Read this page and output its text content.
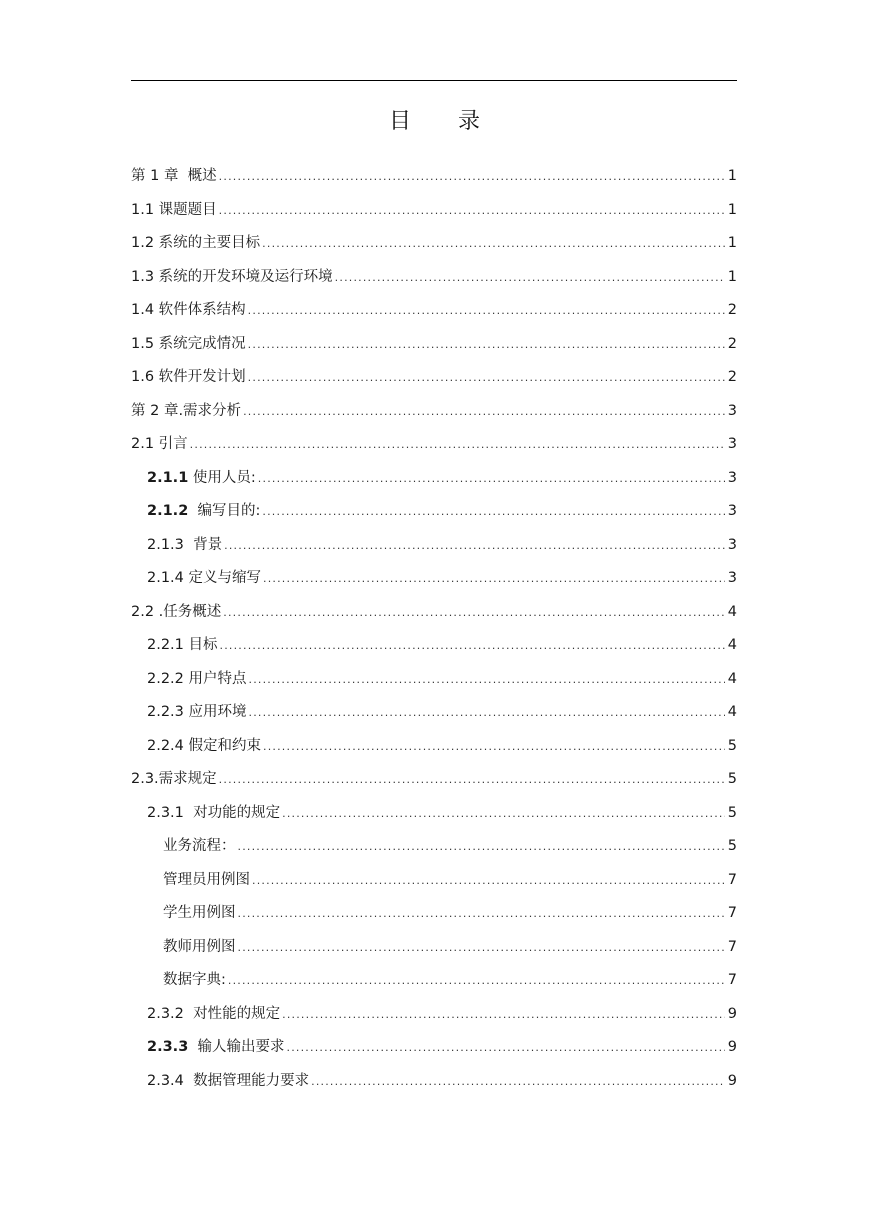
目 录
第 1 章  概述 .....	1
1.1 课题题目 .....	1
1.2 系统的主要目标 .....	1
1.3 系统的开发环境及运行环境 .....	1
1.4 软件体系结构 .....	2
1.5 系统完成情况 .....	2
1.6 软件开发计划 .....	2
第 2 章.需求分析 .....	3
2.1 引言 .....	3
2.1.1 使用人员: .....	3
2.1.2  编写目的: .....	3
2.1.3  背景 .....	3
2.1.4 定义与缩写 .....	3
2.2 .任务概述 .....	4
2.2.1 目标 .....	4
2.2.2 用户特点 .....	4
2.2.3 应用环境 .....	4
2.2.4 假定和约束 .....	5
2.3.需求规定 .....	5
2.3.1  对功能的规定 .....	5
业务流程： .....	5
管理员用例图 .....	7
学生用例图 .....	7
教师用例图 .....	7
数据字典: .....	7
2.3.2  对性能的规定 .....	9
2.3.3  输人输出要求 .....	9
2.3.4  数据管理能力要求 .....	9
